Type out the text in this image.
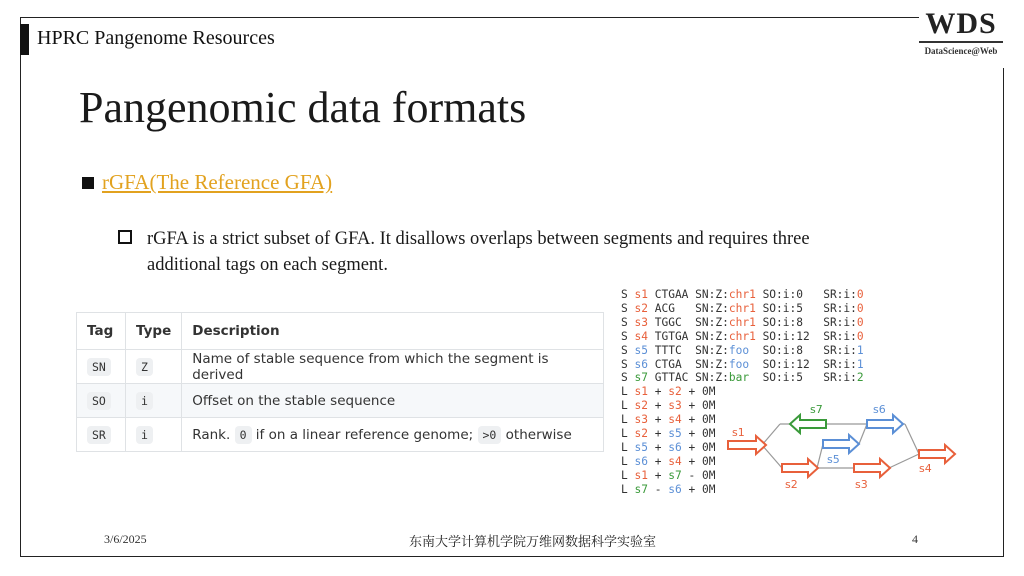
HPRC Pangenome Resources	WDS
DataScience@Web
Pangenomic data formats
rGFA(The Reference GFA)
rGFA is a strict subset of GFA. It disallows overlaps between segments and requires three additional tags on each segment.
Tag	Type	Description
SN	Z	Name of stable sequence from which the segment is derived
SO	i	Offset on the stable sequence
SR	i	Rank. 0 if on a linear reference genome; >0 otherwise
S s1 CTGAA SN:Z:chr1 SO:i:0 SR:i:0
S s2 ACG SN:Z:chr1 SO:i:5 SR:i:0
S s3 TGGC SN:Z:chr1 SO:i:8 SR:i:0
S s4 TGTGA SN:Z:chr1 SO:i:12 SR:i:0
S s5 TTTC SN:Z:foo SO:i:8 SR:i:1
S s6 CTGA SN:Z:foo SO:i:12 SR:i:1
S s7 GTTAC SN:Z:bar SO:i:5 SR:i:2
L s1 + s2 + 0M
L s2 + s3 + 0M
L s3 + s4 + 0M
L s2 + s5 + 0M
L s5 + s6 + 0M
L s6 + s4 + 0M
L s1 + s7 - 0M
L s7 - s6 + 0M
s1
s2	s3
s4
s5
s6
s7
3/6/2025	东南大学计算机学院万维网数据科学实验室	4
